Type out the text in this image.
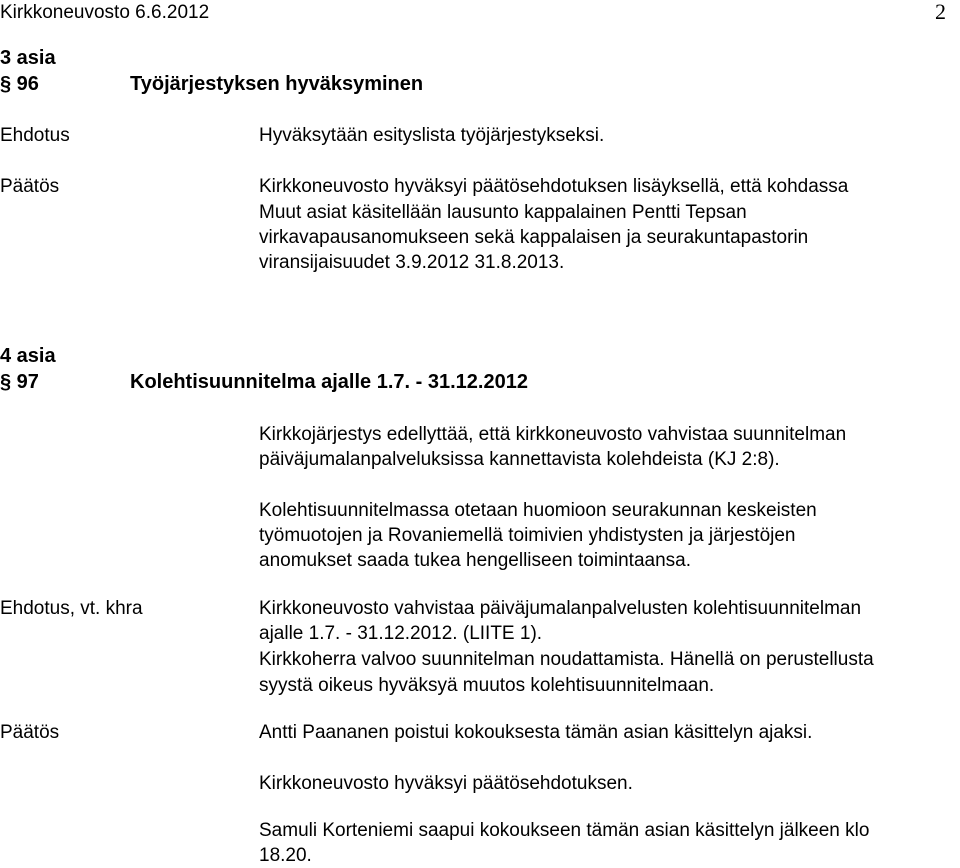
Kirkkoneuvosto 6.6.2012	2
3 asia
§ 96	Työjärjestyksen hyväksyminen
Ehdotus	Hyväksytään esityslista työjärjestykseksi.
Päätös	Kirkkoneuvosto hyväksyi päätösehdotuksen lisäyksellä, että kohdassa
Muut asiat käsitellään lausunto kappalainen Pentti Tepsan
virkavapausanomukseen sekä kappalaisen ja seurakuntapastorin
viransijaisuudet 3.9.2012 31.8.2013.
4 asia
§ 97	Kolehtisuunnitelma ajalle 1.7. - 31.12.2012
Kirkkojärjestys edellyttää, että kirkkoneuvosto vahvistaa suunnitelman
päiväjumalanpalveluksissa kannettavista kolehdeista (KJ 2:8).
Kolehtisuunnitelmassa otetaan huomioon seurakunnan keskeisten
työmuotojen ja Rovaniemellä toimivien yhdistysten ja järjestöjen
anomukset saada tukea hengelliseen toimintaansa.
Ehdotus, vt. khra	Kirkkoneuvosto vahvistaa päiväjumalanpalvelusten kolehtisuunnitelman
ajalle 1.7. - 31.12.2012. (LIITE 1).
Kirkkoherra valvoo suunnitelman noudattamista. Hänellä on perustellusta
syystä oikeus hyväksyä muutos kolehtisuunnitelmaan.
Päätös	Antti Paananen poistui kokouksesta tämän asian käsittelyn ajaksi.
Kirkkoneuvosto hyväksyi päätösehdotuksen.
Samuli Korteniemi saapui kokoukseen tämän asian käsittelyn jälkeen klo
18.20.
